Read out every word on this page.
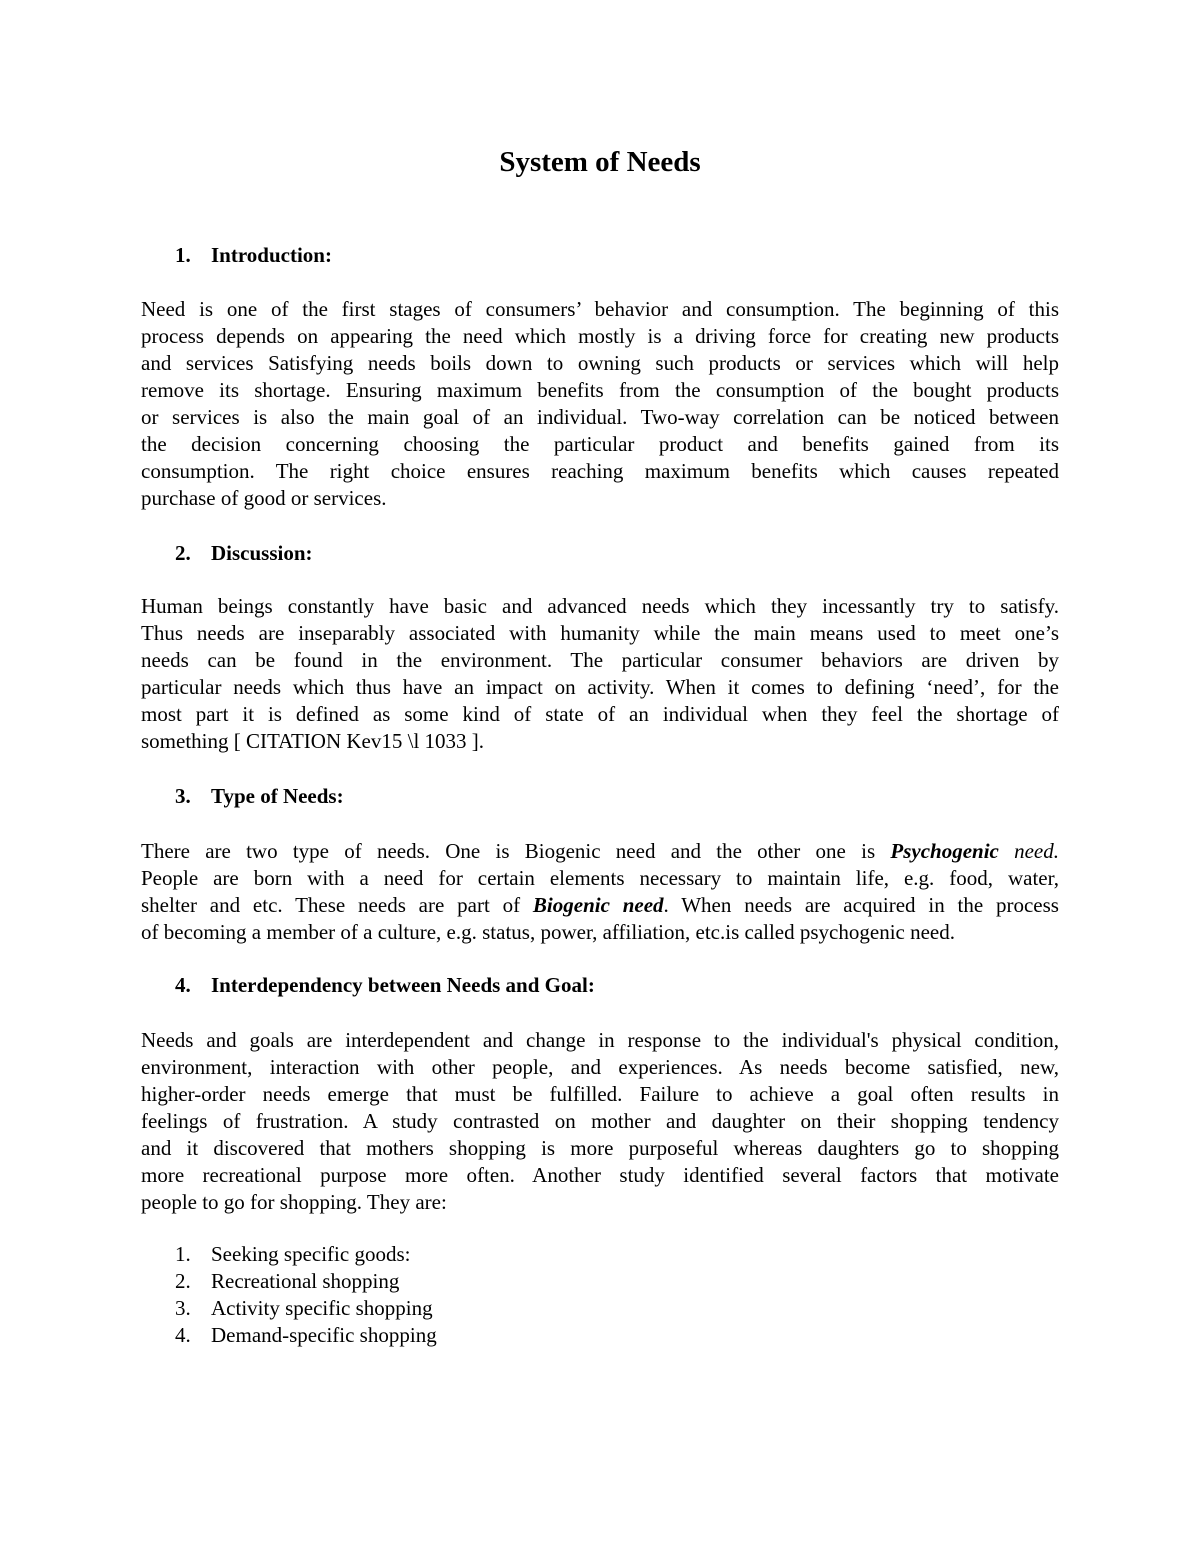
System of Needs
1. Introduction:
Need is one of the first stages of consumers’ behavior and consumption. The beginning of this
process depends on appearing the need which mostly is a driving force for creating new products
and services Satisfying needs boils down to owning such products or services which will help
remove its shortage. Ensuring maximum benefits from the consumption of the bought products
or services is also the main goal of an individual. Two-way correlation can be noticed between
the decision concerning choosing the particular product and benefits gained from its
consumption. The right choice ensures reaching maximum benefits which causes repeated
purchase of good or services.
2. Discussion:
Human beings constantly have basic and advanced needs which they incessantly try to satisfy.
Thus needs are inseparably associated with humanity while the main means used to meet one’s
needs can be found in the environment. The particular consumer behaviors are driven by
particular needs which thus have an impact on activity. When it comes to defining ‘need’, for the
most part it is defined as some kind of state of an individual when they feel the shortage of
something [ CITATION Kev15 \l 1033 ].
3. Type of Needs:
There are two type of needs. One is Biogenic need and the other one is Psychogenic need.
People are born with a need for certain elements necessary to maintain life, e.g. food, water,
shelter and etc. These needs are part of Biogenic need. When needs are acquired in the process
of becoming a member of a culture, e.g. status, power, affiliation, etc.is called psychogenic need.
4. Interdependency between Needs and Goal:
Needs and goals are interdependent and change in response to the individual's physical condition,
environment, interaction with other people, and experiences. As needs become satisfied, new,
higher-order needs emerge that must be fulfilled. Failure to achieve a goal often results in
feelings of frustration. A study contrasted on mother and daughter on their shopping tendency
and it discovered that mothers shopping is more purposeful whereas daughters go to shopping
more recreational purpose more often. Another study identified several factors that motivate
people to go for shopping. They are:
1. Seeking specific goods:
2. Recreational shopping
3. Activity specific shopping
4. Demand-specific shopping
